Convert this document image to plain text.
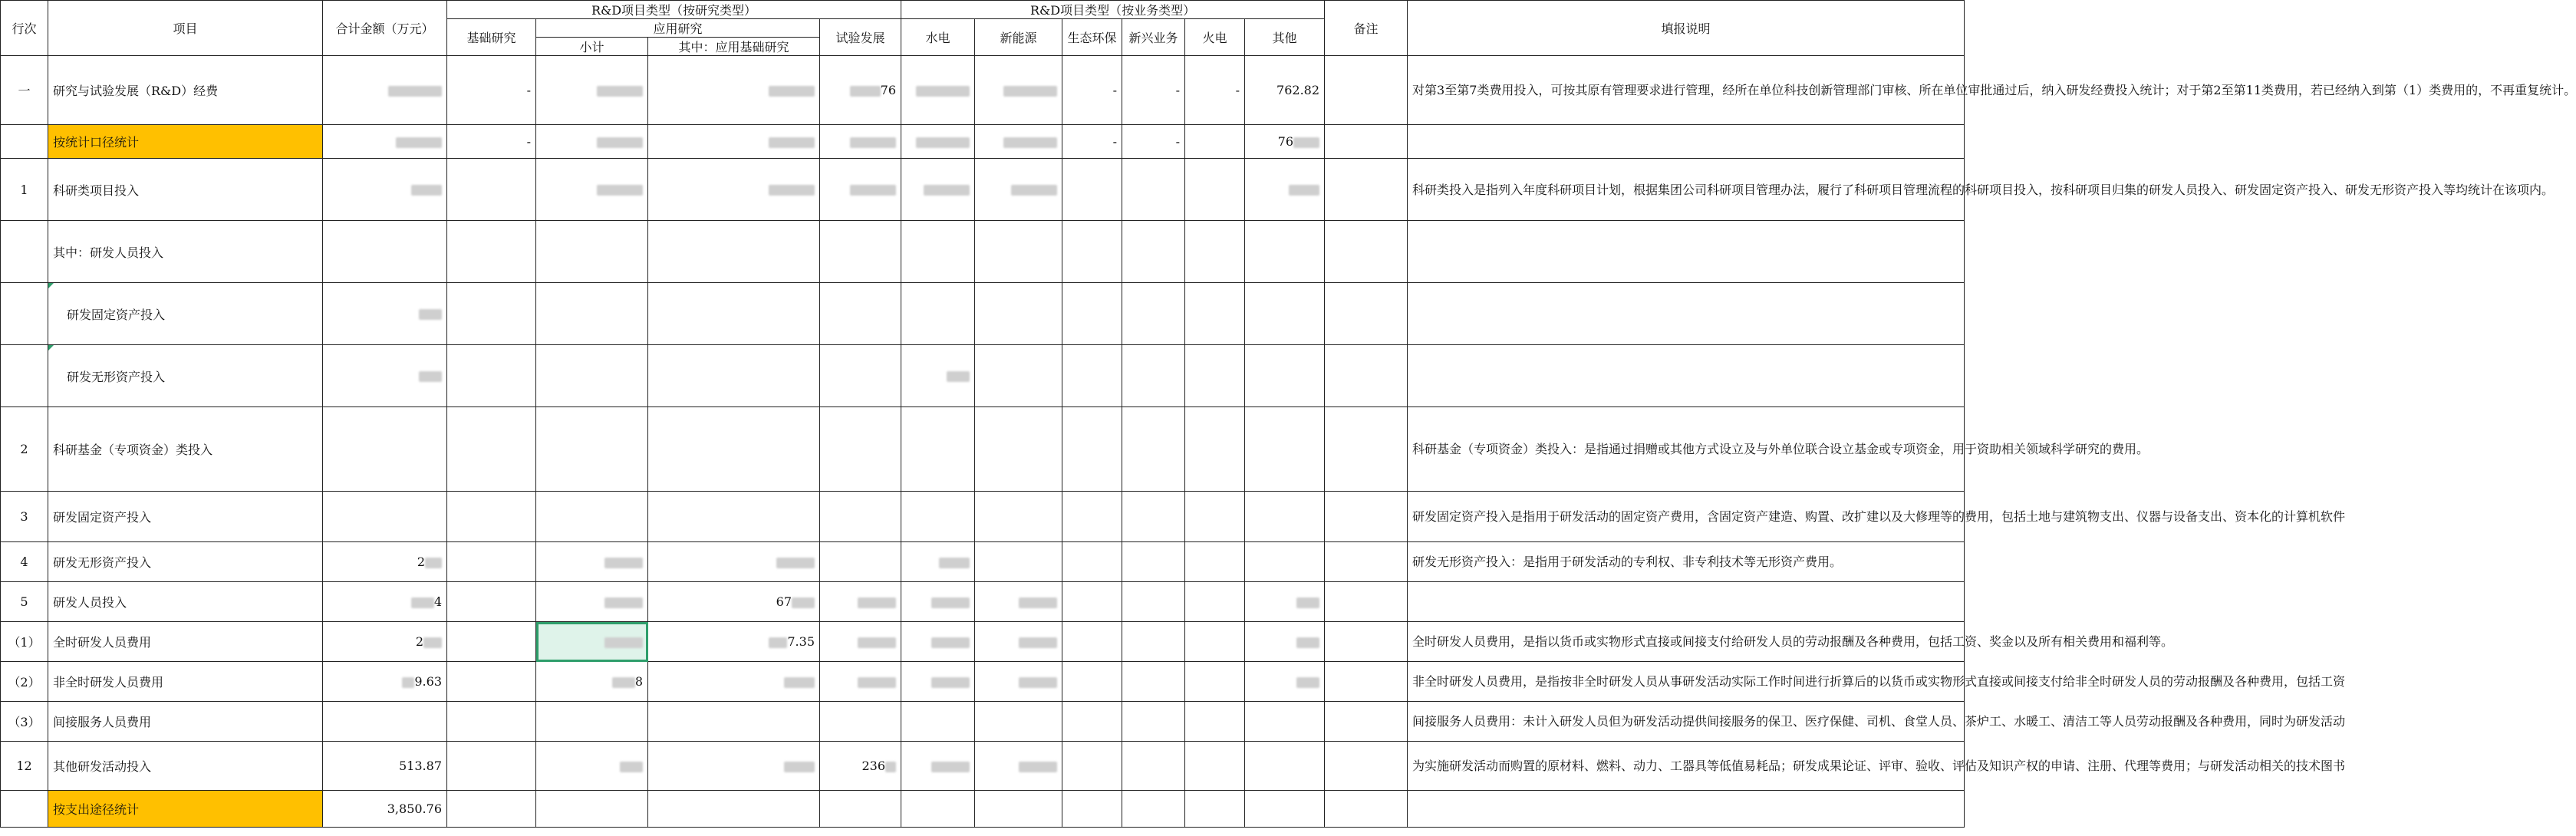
行次	项目	合计金额（万元）	R&D项目类型（按研究类型）				R&D项目类型（按业务类型）						备注	填报说明
			基础研究	应用研究		试验发展	水电	新能源	生态环保	新兴业务	火电	其他		
				小计	其中：应用基础研究									
一	研究与试验发展（R&D）经费		-			76			-	-	-	762.82		对第3至第7类费用投入，可按其原有管理要求进行管理，经所在单位科技创新管理部门审核、所在单位审批通过后，纳入研发经费投入统计；对于第2至第11类费用，若已经纳入到第（1）类费用的，不再重复统计。
	按统计口径统计		-						-	-		76		
1	科研类项目投入													科研类投入是指列入年度科研项目计划，根据集团公司科研项目管理办法，履行了科研项目管理流程的科研项目投入，按科研项目归集的研发人员投入、研发固定资产投入、研发无形资产投入等均统计在该项内。
	其中：研发人员投入													
	研发固定资产投入													
	研发无形资产投入													
2	科研基金（专项资金）类投入													科研基金（专项资金）类投入：是指通过捐赠或其他方式设立及与外单位联合设立基金或专项资金，用于资助相关领域科学研究的费用。
3	研发固定资产投入													研发固定资产投入是指用于研发活动的固定资产费用，含固定资产建造、购置、改扩建以及大修理等的费用，包括土地与建筑物支出、仪器与设备支出、资本化的计算机软件
4	研发无形资产投入	2												研发无形资产投入：是指用于研发活动的专利权、非专利技术等无形资产费用。
5	研发人员投入	4			67									
（1）	全时研发人员费用	2			7.35									全时研发人员费用，是指以货币或实物形式直接或间接支付给研发人员的劳动报酬及各种费用，包括工资、奖金以及所有相关费用和福利等。
（2）	非全时研发人员费用	9.63		8										非全时研发人员费用，是指按非全时研发人员从事研发活动实际工作时间进行折算后的以货币或实物形式直接或间接支付给非全时研发人员的劳动报酬及各种费用，包括工资
（3）	间接服务人员费用													间接服务人员费用：未计入研发人员但为研发活动提供间接服务的保卫、医疗保健、司机、食堂人员、茶炉工、水暖工、清洁工等人员劳动报酬及各种费用，同时为研发活动
12	其他研发活动投入	513.87				236								为实施研发活动而购置的原材料、燃料、动力、工器具等低值易耗品；研发成果论证、评审、验收、评估及知识产权的申请、注册、代理等费用；与研发活动相关的技术图书
	按支出途径统计	3,850.76												
